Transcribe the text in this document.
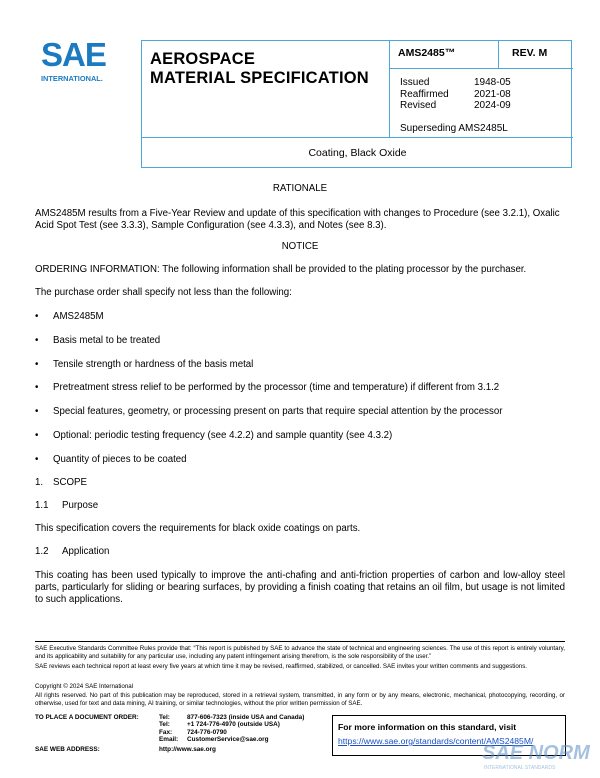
SAE
INTERNATIONAL.
AEROSPACE
MATERIAL SPECIFICATION
AMS2485™	REV. M
Issued	1948-05
Reaffirmed	2021-08
Revised	2024-09
Superseding AMS2485L
Coating, Black Oxide
RATIONALE
AMS2485M results from a Five-Year Review and update of this specification with changes to Procedure (see 3.2.1), Oxalic Acid Spot Test (see 3.3.3), Sample Configuration (see 4.3.3), and Notes (see 8.3).
NOTICE
ORDERING INFORMATION: The following information shall be provided to the plating processor by the purchaser.
The purchase order shall specify not less than the following:
• AMS2485M
• Basis metal to be treated
• Tensile strength or hardness of the basis metal
• Pretreatment stress relief to be performed by the processor (time and temperature) if different from 3.1.2
• Special features, geometry, or processing present on parts that require special attention by the processor
• Optional: periodic testing frequency (see 4.2.2) and sample quantity (see 4.3.2)
• Quantity of pieces to be coated
1. SCOPE
1.1 Purpose
This specification covers the requirements for black oxide coatings on parts.
1.2 Application
This coating has been used typically to improve the anti-chafing and anti-friction properties of carbon and low-alloy steel parts, particularly for sliding or bearing surfaces, by providing a finish coating that retains an oil film, but usage is not limited to such applications.
SAE Executive Standards Committee Rules provide that: “This report is published by SAE to advance the state of technical and engineering sciences. The use of this report is entirely voluntary, and its applicability and suitability for any particular use, including any patent infringement arising therefrom, is the sole responsibility of the user.”
SAE reviews each technical report at least every five years at which time it may be revised, reaffirmed, stabilized, or cancelled. SAE invites your written comments and suggestions.
Copyright © 2024 SAE International
All rights reserved. No part of this publication may be reproduced, stored in a retrieval system, transmitted, in any form or by any means, electronic, mechanical, photocopying, recording, or otherwise, used for text and data mining, AI training, or similar technologies, without the prior written permission of SAE.
TO PLACE A DOCUMENT ORDER:	Tel:	877-606-7323 (inside USA and Canada)
Tel:	+1 724-776-4970 (outside USA)
Fax: 724-776-0790
Email: CustomerService@sae.org
SAE WEB ADDRESS:	http://www.sae.org
For more information on this standard, visit
https://www.sae.org/standards/content/AMS2485M/
SAE NORM
INTERNATIONAL STANDARDS
